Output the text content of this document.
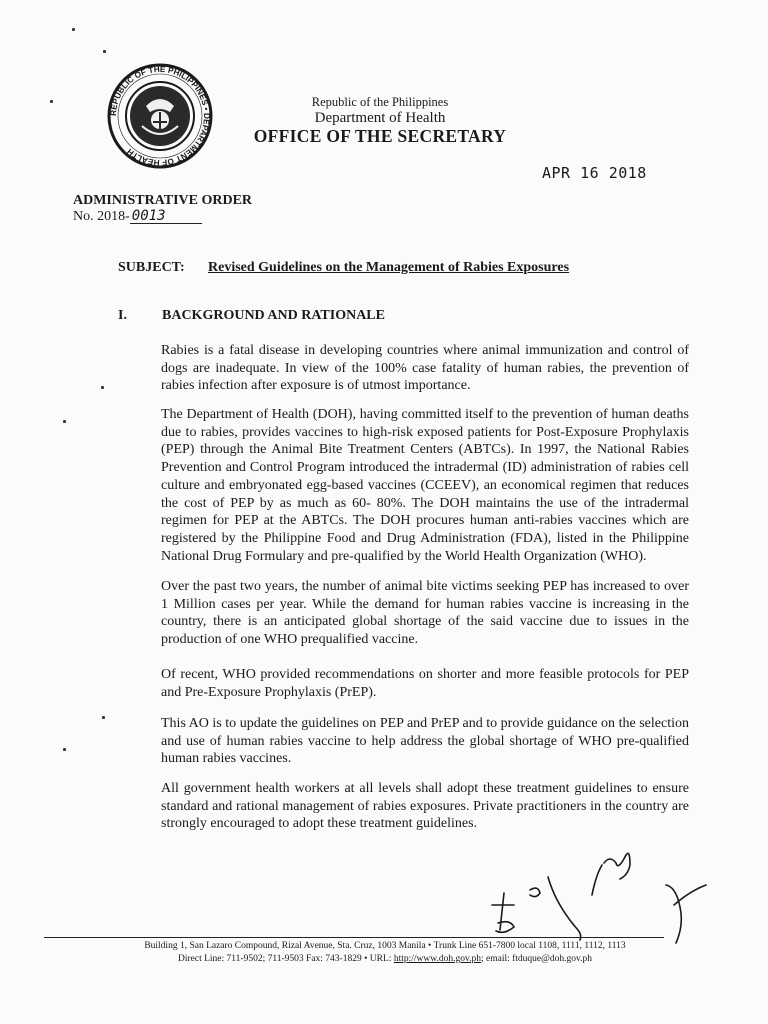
REPUBLIC OF THE PHILIPPINES • DEPARTMENT OF HEALTH
Republic of the Philippines
Department of Health
OFFICE OF THE SECRETARY
APR 16 2018
ADMINISTRATIVE ORDER
No. 2018- 0013
SUBJECT: Revised Guidelines on the Management of Rabies Exposures
I.	BACKGROUND AND RATIONALE

Rabies is a fatal disease in developing countries where animal immunization and control of dogs are inadequate. In view of the 100% case fatality of human rabies, the prevention of rabies infection after exposure is of utmost importance.

The Department of Health (DOH), having committed itself to the prevention of human deaths due to rabies, provides vaccines to high-risk exposed patients for Post-Exposure Prophylaxis (PEP) through the Animal Bite Treatment Centers (ABTCs). In 1997, the National Rabies Prevention and Control Program introduced the intradermal (ID) administration of rabies cell culture and embryonated egg-based vaccines (CCEEV), an economical regimen that reduces the cost of PEP by as much as 60- 80%. The DOH maintains the use of the intradermal regimen for PEP at the ABTCs. The DOH procures human anti-rabies vaccines which are registered by the Philippine Food and Drug Administration (FDA), listed in the Philippine National Drug Formulary and pre-qualified by the World Health Organization (WHO).

Over the past two years, the number of animal bite victims seeking PEP has increased to over 1 Million cases per year. While the demand for human rabies vaccine is increasing in the country, there is an anticipated global shortage of the said vaccine due to issues in the production of one WHO prequalified vaccine.

Of recent, WHO provided recommendations on shorter and more feasible protocols for PEP and Pre-Exposure Prophylaxis (PrEP).

This AO is to update the guidelines on PEP and PrEP and to provide guidance on the selection and use of human rabies vaccine to help address the global shortage of WHO pre-qualified human rabies vaccines.

All government health workers at all levels shall adopt these treatment guidelines to ensure standard and rational management of rabies exposures. Private practitioners in the country are strongly encouraged to adopt these treatment guidelines.

Building 1, San Lazaro Compound, Rizal Avenue, Sta. Cruz, 1003 Manila • Trunk Line 651-7800 local 1108, 1111, 1112, 1113
Direct Line: 711-9502; 711-9503 Fax: 743-1829 • URL: http://www.doh.gov.ph; email: ftduque@doh.gov.ph
